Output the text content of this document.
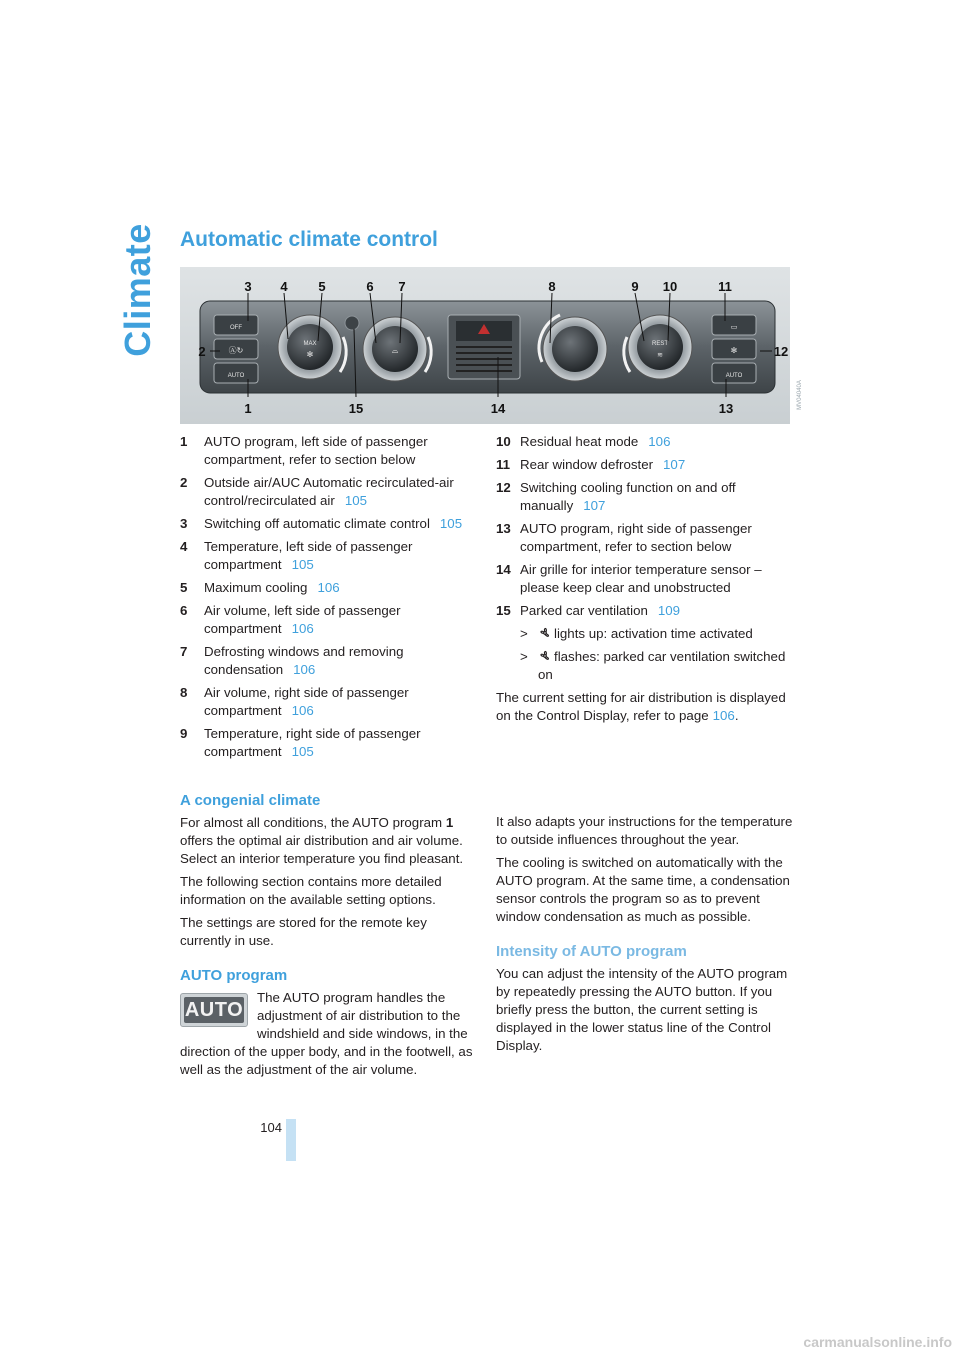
Climate Automatic climate control
OFF
Ⓐ↻
AUTO
MAX
✻	⌓
REST
≋
▭
✻
AUTO
3 4 5	6 7	8	9 10	11
2	12
1	15	14	13	MV04040A
1	AUTO program, left side of passenger compartment, refer to section below
2	Outside air/AUC Automatic recirculated-air control/recirculated air 105
3	Switching off automatic climate control 105
4	Temperature, left side of passenger compartment 105
5	Maximum cooling 106
6	Air volume, left side of passenger compartment 106
7	Defrosting windows and removing condensation 106
8	Air volume, right side of passenger compartment 106
9	Temperature, right side of passenger compartment 105
10 Residual heat mode 106
11 Rear window defroster 107
12 Switching cooling function on and off manually 107
13 AUTO program, right side of passenger compartment, refer to section below
14 Air grille for interior temperature sensor – please keep clear and unobstructed
15 Parked car ventilation 109
>	lights up: activation time activated
>	flashes: parked car ventilation switched on

The current setting for air distribution is displayed on the Control Display, refer to page 106.

A congenial climate

For almost all conditions, the AUTO program 1 offers the optimal air distribution and air volume. Select an interior temperature you find pleasant.

The following section contains more detailed information on the available setting options.

The settings are stored for the remote key currently in use.

AUTO program

AUTO
The AUTO program handles the adjustment of air distribution to the windshield and side windows, in the direction of the upper body, and in the footwell, as well as the adjustment of the air volume.

It also adapts your instructions for the temperature to outside influences throughout the year.

The cooling is switched on automatically with the AUTO program. At the same time, a condensation sensor controls the program so as to prevent window condensation as much as possible.

Intensity of AUTO program

You can adjust the intensity of the AUTO program by repeatedly pressing the AUTO button. If you briefly press the button, the current setting is displayed in the lower status line of the Control Display.

104
carmanualsonline.info
